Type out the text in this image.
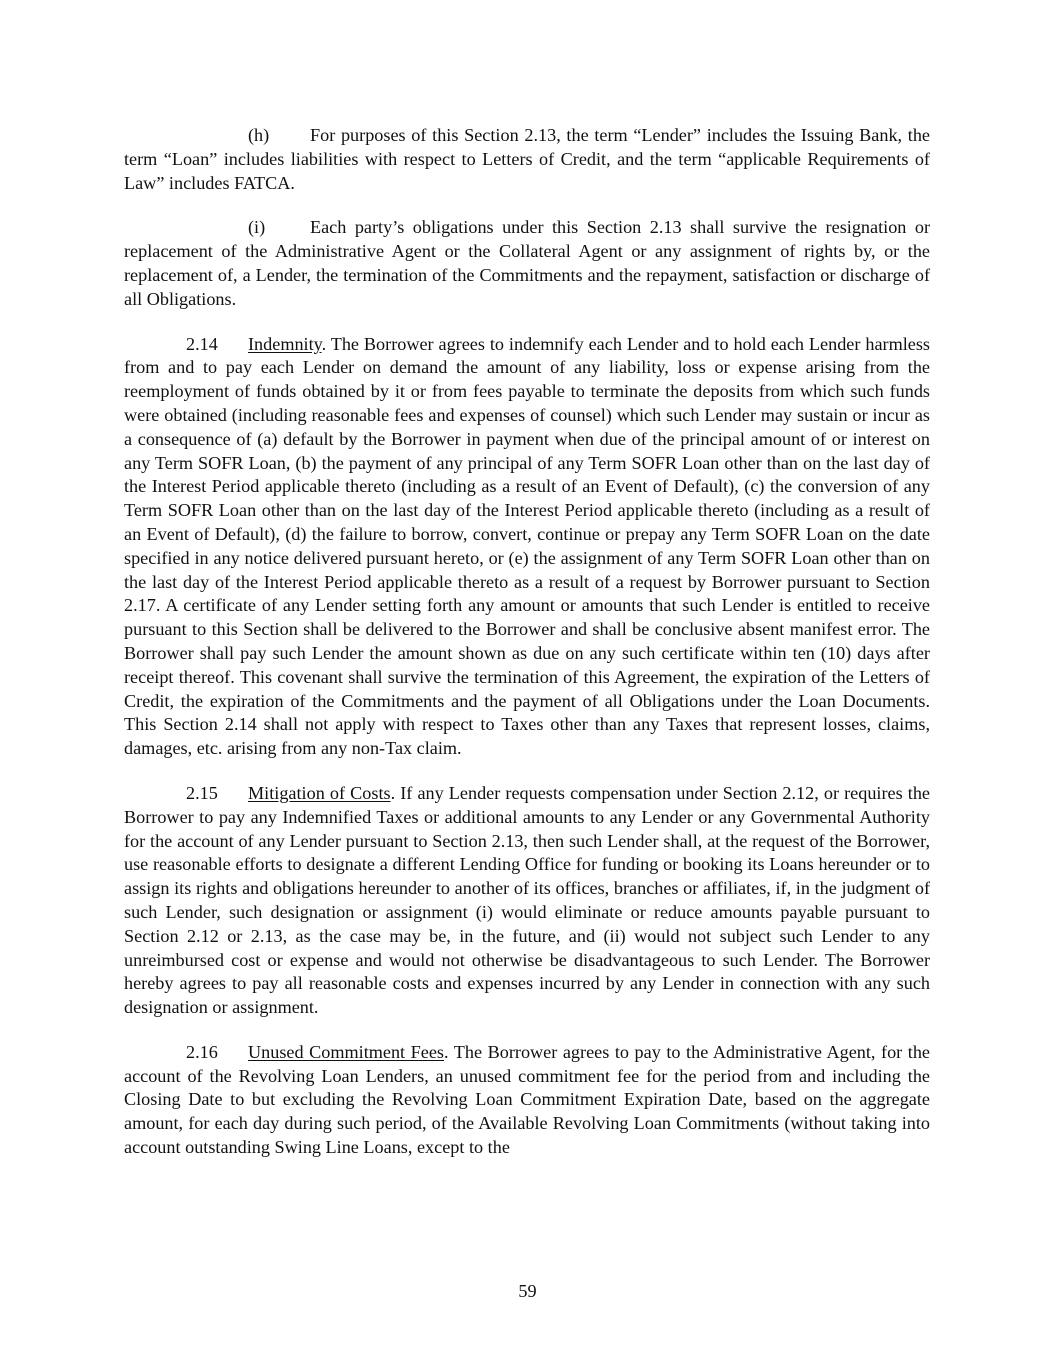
(h) For purposes of this Section 2.13, the term “Lender” includes the Issuing Bank, the term “Loan” includes liabilities with respect to Letters of Credit, and the term “applicable Requirements of Law” includes FATCA.

(i) Each party’s obligations under this Section 2.13 shall survive the resignation or replacement of the Administrative Agent or the Collateral Agent or any assignment of rights by, or the replacement of, a Lender, the termination of the Commitments and the repayment, satisfaction or discharge of all Obligations.

2.14 Indemnity. The Borrower agrees to indemnify each Lender and to hold each Lender harmless from and to pay each Lender on demand the amount of any liability, loss or expense arising from the reemployment of funds obtained by it or from fees payable to terminate the deposits from which such funds were obtained (including reasonable fees and expenses of counsel) which such Lender may sustain or incur as a consequence of (a) default by the Borrower in payment when due of the principal amount of or interest on any Term SOFR Loan, (b) the payment of any principal of any Term SOFR Loan other than on the last day of the Interest Period applicable thereto (including as a result of an Event of Default), (c) the conversion of any Term SOFR Loan other than on the last day of the Interest Period applicable thereto (including as a result of an Event of Default), (d) the failure to borrow, convert, continue or prepay any Term SOFR Loan on the date specified in any notice delivered pursuant hereto, or (e) the assignment of any Term SOFR Loan other than on the last day of the Interest Period applicable thereto as a result of a request by Borrower pursuant to Section 2.17. A certificate of any Lender setting forth any amount or amounts that such Lender is entitled to receive pursuant to this Section shall be delivered to the Borrower and shall be conclusive absent manifest error. The Borrower shall pay such Lender the amount shown as due on any such certificate within ten (10) days after receipt thereof. This covenant shall survive the termination of this Agreement, the expiration of the Letters of Credit, the expiration of the Commitments and the payment of all Obligations under the Loan Documents. This Section 2.14 shall not apply with respect to Taxes other than any Taxes that represent losses, claims, damages, etc. arising from any non-Tax claim.

2.15 Mitigation of Costs. If any Lender requests compensation under Section 2.12, or requires the Borrower to pay any Indemnified Taxes or additional amounts to any Lender or any Governmental Authority for the account of any Lender pursuant to Section 2.13, then such Lender shall, at the request of the Borrower, use reasonable efforts to designate a different Lending Office for funding or booking its Loans hereunder or to assign its rights and obligations hereunder to another of its offices, branches or affiliates, if, in the judgment of such Lender, such designation or assignment (i) would eliminate or reduce amounts payable pursuant to Section 2.12 or 2.13, as the case may be, in the future, and (ii) would not subject such Lender to any unreimbursed cost or expense and would not otherwise be disadvantageous to such Lender. The Borrower hereby agrees to pay all reasonable costs and expenses incurred by any Lender in connection with any such designation or assignment.

2.16 Unused Commitment Fees. The Borrower agrees to pay to the Administrative Agent, for the account of the Revolving Loan Lenders, an unused commitment fee for the period from and including the Closing Date to but excluding the Revolving Loan Commitment Expiration Date, based on the aggregate amount, for each day during such period, of the Available Revolving Loan Commitments (without taking into account outstanding Swing Line Loans, except to the

59
